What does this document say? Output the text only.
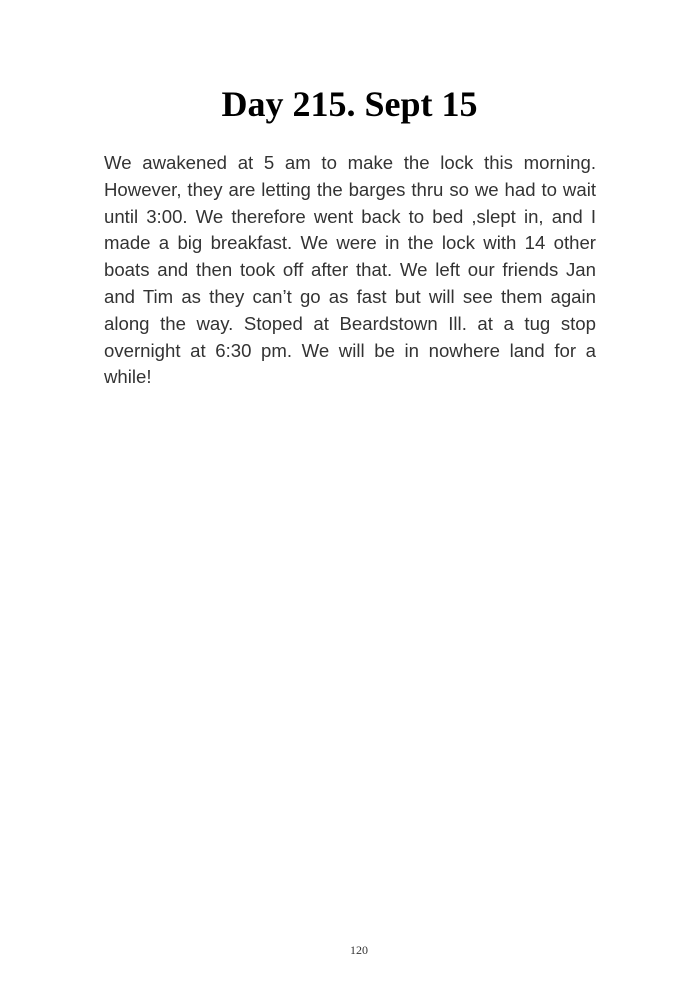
Day 215. Sept 15

We awakened at 5 am to make the lock this morning. However, they are letting the barges thru so we had to wait until 3:00. We therefore went back to bed ,slept in, and I made a big breakfast. We were in the lock with 14 other boats and then took off after that. We left our friends Jan and Tim as they can’t go as fast but will see them again along the way. Stoped at Beardstown Ill. at a tug stop overnight at 6:30 pm. We will be in nowhere land for a while!

120
